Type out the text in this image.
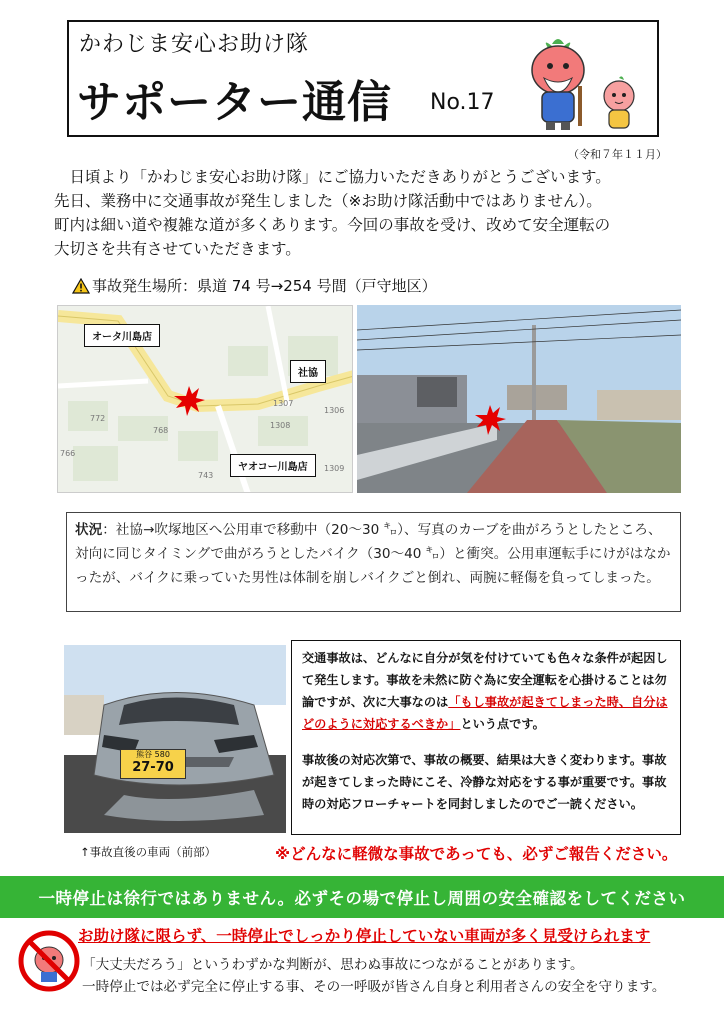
かわじま安心お助け隊
サポーター通信 No.17
（令和７年１１月）

　日頃より「かわじま安心お助け隊」にご協力いただきありがとうございます。

先日、業務中に交通事故が発生しました（※お助け隊活動中ではありません）。

町内は細い道や複雑な道が多くあります。今回の事故を受け、改めて安全運転の

大切さを共有させていただきます。

事故発生場所：県道 74 号→254 号間（戸守地区）
772
768
1307
1308
1306
743
1309
766
オータ川島店
社協
ヤオコー川島店
状況：社協→吹塚地区へ公用車で移動中（20～30 ㌔）、写真のカーブを曲がろうとしたところ、対向に同じタイミングで曲がろうとしたバイク（30～40 ㌔）と衝突。公用車運転手にけがはなかったが、バイクに乗っていた男性は体制を崩しバイクごと倒れ、両腕に軽傷を負ってしまった。
熊谷 580
27-70
↑事故直後の車両（前部）

交通事故は、どんなに自分が気を付けていても色々な条件が起因して発生します。事故を未然に防ぐ為に安全運転を心掛けることは勿論ですが、次に大事なのは「もし事故が起きてしまった時、自分はどのように対応するべきか」という点です。

事故後の対応次第で、事故の概要、結果は大きく変わります。事故が起きてしまった時にこそ、冷静な対応をする事が重要です。事故時の対応フローチャートを同封しましたのでご一読ください。

※どんなに軽微な事故であっても、必ずご報告ください。
一時停止は徐行ではありません。必ずその場で停止し周囲の安全確認をしてください
お助け隊に限らず、一時停止でしっかり停止していない車両が多く見受けられます

「大丈夫だろう」というわずかな判断が、思わぬ事故につながることがあります。

一時停止では必ず完全に停止する事、その一呼吸が皆さん自身と利用者さんの安全を守ります。
